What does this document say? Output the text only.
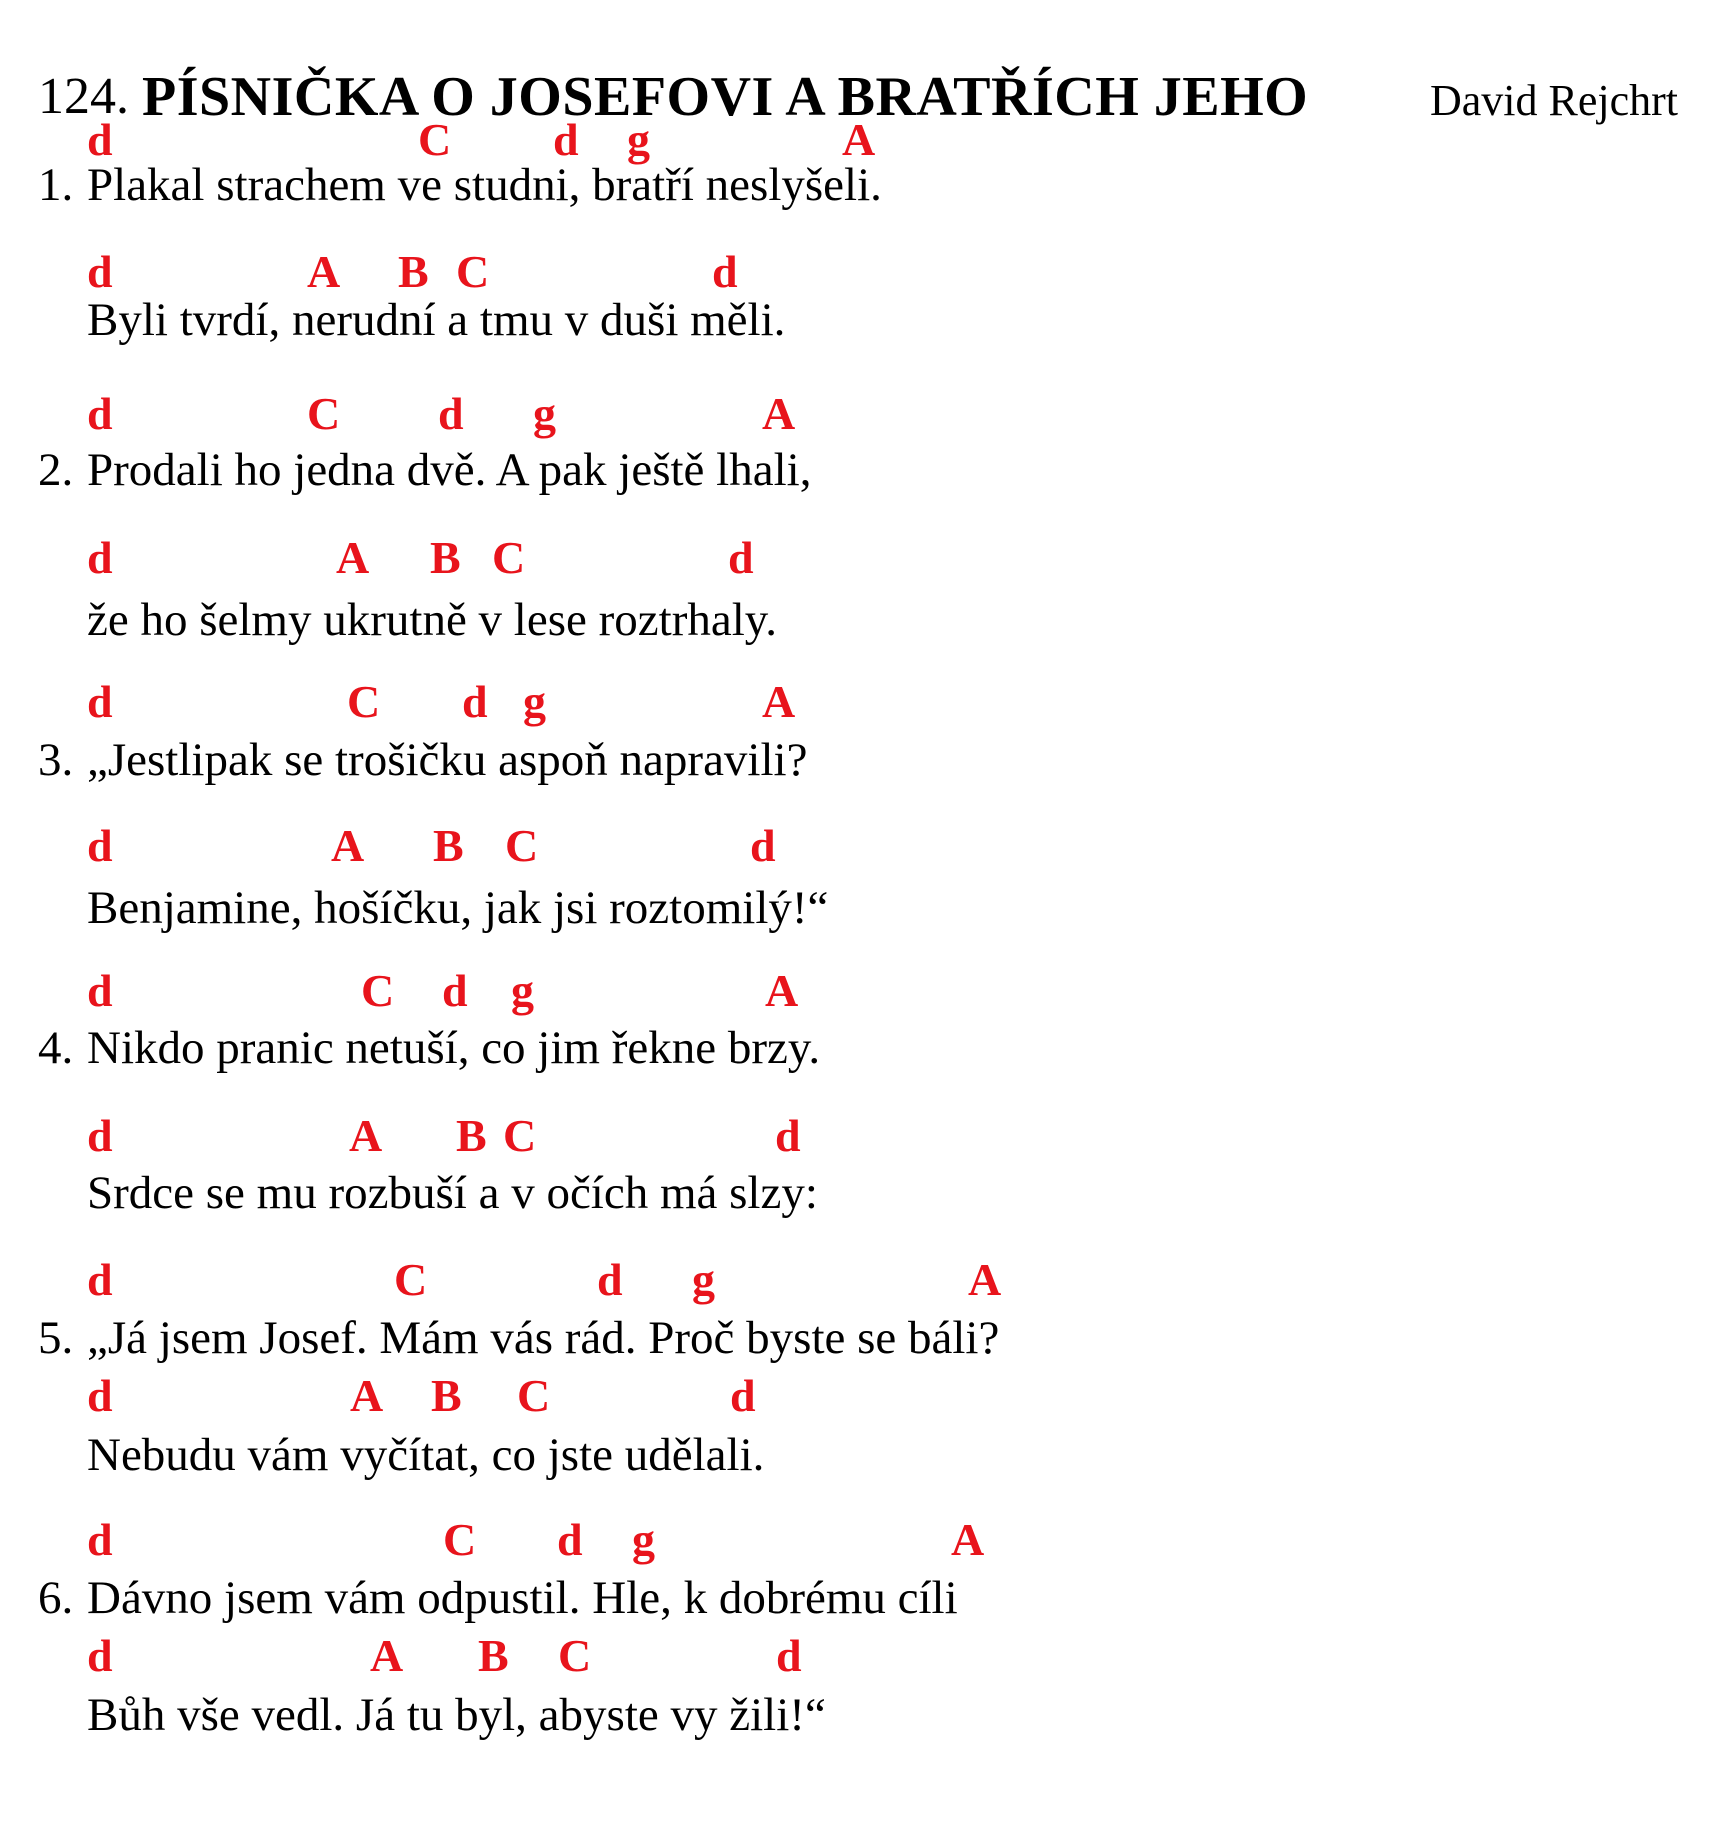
124. PÍSNIČKA O JOSEFOVI A BRATŘÍCH JEHO	David Rejchrt
d	C d g	A
1. Plakal strachem ve studni, bratří neslyšeli.
d	A B C	d
Byli tvrdí, nerudní a tmu v duši měli.
d	C d g	A
2. Prodali ho jedna dvě. A pak ještě lhali,
d	A B C	d
že ho šelmy ukrutně v lese roztrhaly.
d	C d g	A
3. „Jestlipak se trošičku aspoň napravili?
d	A B C	d
Benjamine, hošíčku, jak jsi roztomilý!“
d	C d g	A
4. Nikdo pranic netuší, co jim řekne brzy.
d	A B C	d
Srdce se mu rozbuší a v očích má slzy:
d	C	d g	A
5. „Já jsem Josef. Mám vás rád. Proč byste se báli?
d	A B C	d
Nebudu vám vyčítat, co jste udělali.
d	C d g	A
6. Dávno jsem vám odpustil. Hle, k dobrému cíli
d	A B C	d
Bůh vše vedl. Já tu byl, abyste vy žili!“
